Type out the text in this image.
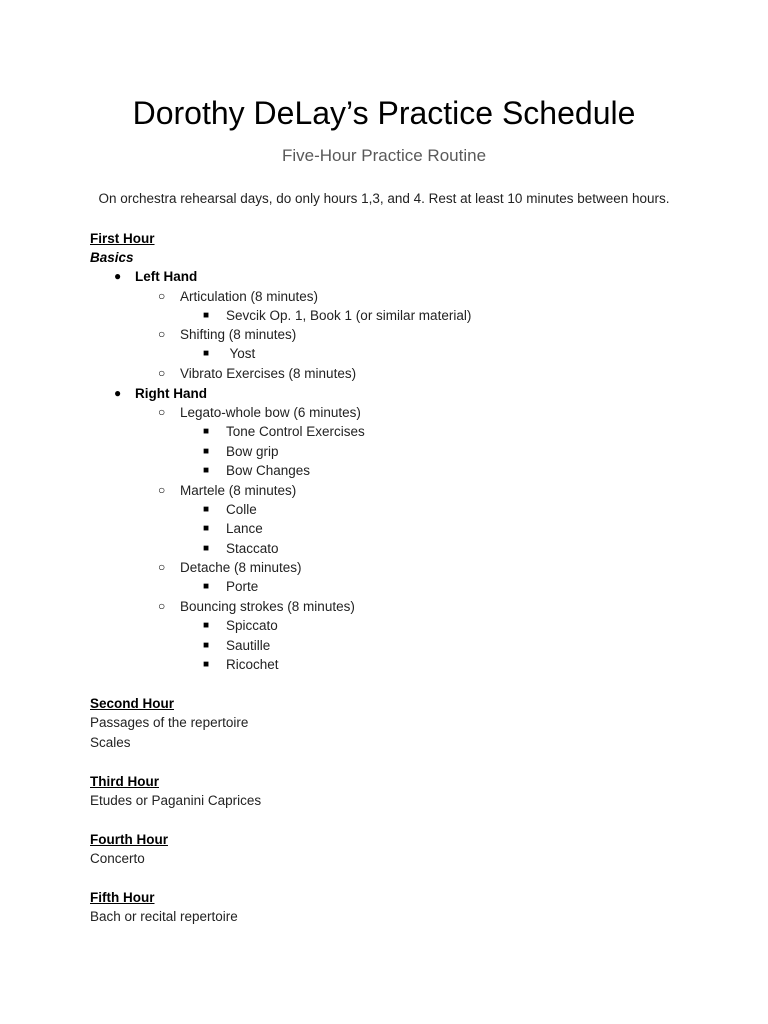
Dorothy DeLay’s Practice Schedule
Five-Hour Practice Routine
On orchestra rehearsal days, do only hours 1,3, and 4. Rest at least 10 minutes between hours.
First Hour
Basics
● Left Hand
○ Articulation (8 minutes)
■ Sevcik Op. 1, Book 1 (or similar material)
○ Shifting (8 minutes)
■ Yost
○ Vibrato Exercises (8 minutes)
● Right Hand
○ Legato-whole bow (6 minutes)
■ Tone Control Exercises
■ Bow grip
■ Bow Changes
○ Martele (8 minutes)
■ Colle
■ Lance
■ Staccato
○ Detache (8 minutes)
■ Porte
○ Bouncing strokes (8 minutes)
■ Spiccato
■ Sautille
■ Ricochet
Second Hour
Passages of the repertoire
Scales
Third Hour
Etudes or Paganini Caprices
Fourth Hour
Concerto
Fifth Hour
Bach or recital repertoire
